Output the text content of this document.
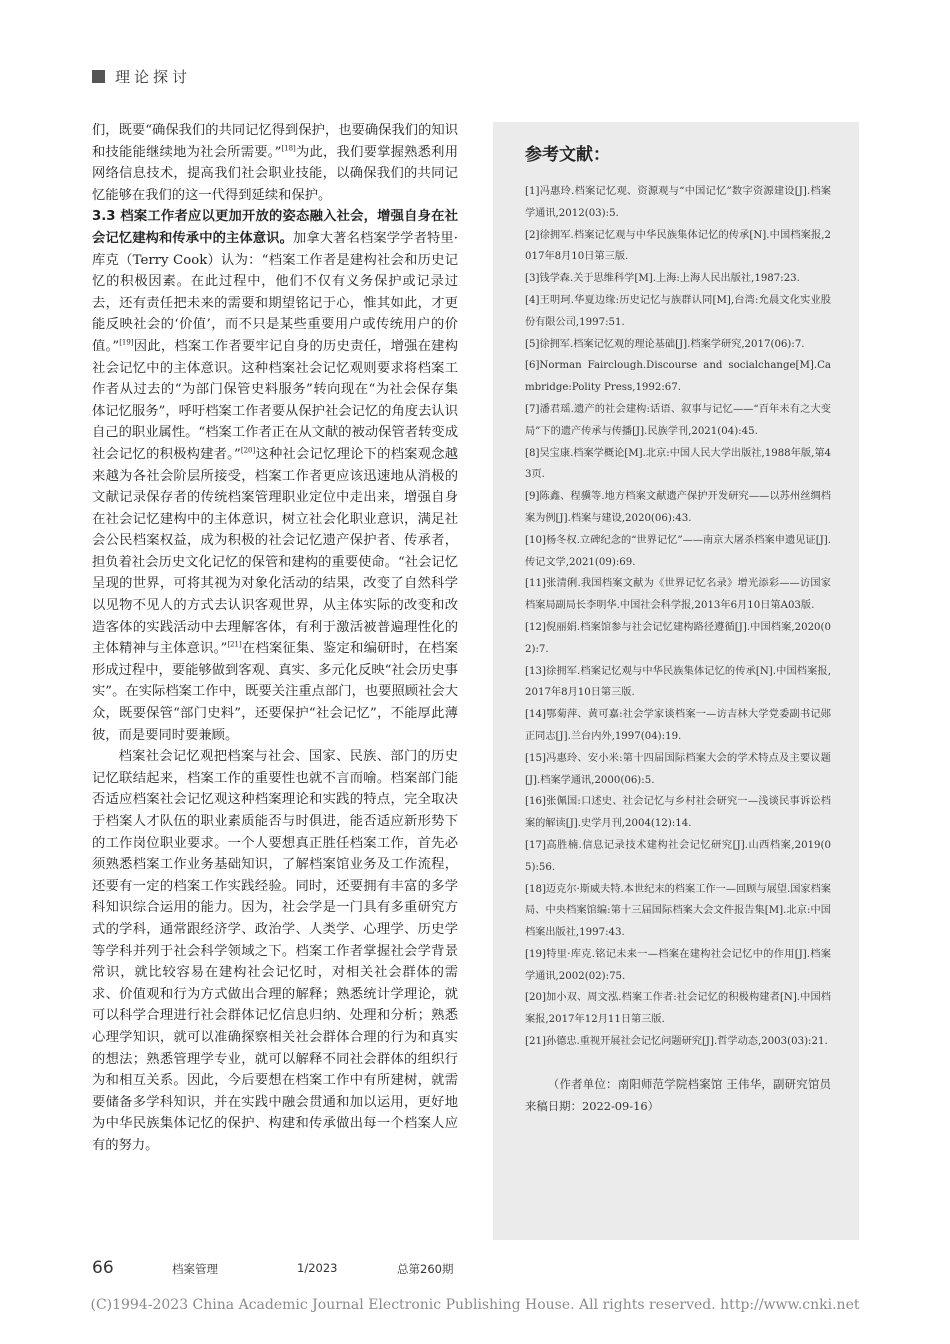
理论探讨

们，既要“确保我们的共同记忆得到保护，也要确保我们的知识和技能能继续地为社会所需要。”[18]为此，我们要掌握熟悉利用网络信息技术，提高我们社会职业技能，以确保我们的共同记忆能够在我们的这一代得到延续和保护。

3.3 档案工作者应以更加开放的姿态融入社会，增强自身在社会记忆建构和传承中的主体意识。加拿大著名档案学学者特里·库克（Terry Cook）认为：“档案工作者是建构社会和历史记忆的积极因素。在此过程中，他们不仅有义务保护或记录过去，还有责任把未来的需要和期望铭记于心，惟其如此，才更能反映社会的‘价值’，而不只是某些重要用户或传统用户的价值。”[19]因此，档案工作者要牢记自身的历史责任，增强在建构社会记忆中的主体意识。这种档案社会记忆观则要求将档案工作者从过去的“为部门保管史料服务”转向现在“为社会保存集体记忆服务”，呼吁档案工作者要从保护社会记忆的角度去认识自己的职业属性。“档案工作者正在从文献的被动保管者转变成社会记忆的积极构建者。”[20]这种社会记忆理论下的档案观念越来越为各社会阶层所接受，档案工作者更应该迅速地从消极的文献记录保存者的传统档案管理职业定位中走出来，增强自身在社会记忆建构中的主体意识，树立社会化职业意识，满足社会公民档案权益，成为积极的社会记忆遗产保护者、传承者，担负着社会历史文化记忆的保管和建构的重要使命。“社会记忆呈现的世界，可将其视为对象化活动的结果，改变了自然科学以见物不见人的方式去认识客观世界，从主体实际的改变和改造客体的实践活动中去理解客体，有利于激活被普遍理性化的主体精神与主体意识。”[21]在档案征集、鉴定和编研时，在档案形成过程中，要能够做到客观、真实、多元化反映“社会历史事实”。在实际档案工作中，既要关注重点部门，也要照顾社会大众，既要保管“部门史料”，还要保护“社会记忆”，不能厚此薄彼，而是要同时要兼顾。

档案社会记忆观把档案与社会、国家、民族、部门的历史记忆联结起来，档案工作的重要性也就不言而喻。档案部门能否适应档案社会记忆观这种档案理论和实践的特点，完全取决于档案人才队伍的职业素质能否与时俱进，能否适应新形势下的工作岗位职业要求。一个人要想真正胜任档案工作，首先必须熟悉档案工作业务基础知识，了解档案馆业务及工作流程，还要有一定的档案工作实践经验。同时，还要拥有丰富的多学科知识综合运用的能力。因为，社会学是一门具有多重研究方式的学科，通常跟经济学、政治学、人类学、心理学、历史学等学科并列于社会科学领域之下。档案工作者掌握社会学背景常识，就比较容易在建构社会记忆时，对相关社会群体的需求、价值观和行为方式做出合理的解释；熟悉统计学理论，就可以科学合理进行社会群体记忆信息归纳、处理和分析；熟悉心理学知识，就可以准确探察相关社会群体合理的行为和真实的想法；熟悉管理学专业，就可以解释不同社会群体的组织行为和相互关系。因此，今后要想在档案工作中有所建树，就需要储备多学科知识，并在实践中融会贯通和加以运用，更好地为中华民族集体记忆的保护、构建和传承做出每一个档案人应有的努力。

参考文献：
[1]冯惠玲.档案记忆观、资源观与“中国记忆”数字资源建设[J].档案学通讯,2012(03):5.
[2]徐拥军.档案记忆观与中华民族集体记忆的传承[N].中国档案报,2017年8月10日第三版.
[3]钱学森.关于思维科学[M].上海:上海人民出版社,1987:23.
[4]王明珂.华夏边缘:历史记忆与族群认同[M],台湾:允晨文化实业股份有限公司,1997:51.
[5]徐拥军.档案记忆观的理论基础[J].档案学研究,2017(06):7.
[6]Norman Fairclough.Discourse and socialchange[M].Cambridge:Polity Press,1992:67.
[7]潘君瑶.遗产的社会建构:话语、叙事与记忆——“百年未有之大变局”下的遗产传承与传播[J].民族学刊,2021(04):45.
[8]吴宝康.档案学概论[M].北京:中国人民大学出版社,1988年版,第43页.
[9]陈鑫、程骥等.地方档案文献遗产保护开发研究——以苏州丝绸档案为例[J].档案与建设,2020(06):43.
[10]杨冬权.立碑纪念的“世界记忆”——南京大屠杀档案申遗见证[J].传记文学,2021(09):69.
[11]张清俐.我国档案文献为《世界记忆名录》增光添彩——访国家档案局副局长李明华.中国社会科学报,2013年6月10日第A03版.
[12]倪丽娟.档案馆参与社会记忆建构路径遵循[J].中国档案,2020(02):7.
[13]徐拥军.档案记忆观与中华民族集体记忆的传承[N].中国档案报,2017年8月10日第三版.
[14]鄂菊萍、黄可嘉:社会学家谈档案一—访吉林大学党委副书记郧正同志[J].兰台内外,1997(04):19.
[15]冯惠玲、安小米:第十四届国际档案大会的学术特点及主要议题[J].档案学通讯,2000(06):5.
[16]张佩国:口述史、社会记忆与乡村社会研究一—浅谈民事诉讼档案的解读[J].史学月刊,2004(12):14.
[17]高胜楠.信息记录技术建构社会记忆研究[J].山西档案,2019(05):56.
[18]迈克尔·斯威夫特.本世纪末的档案工作一—回顾与展望.国家档案局、中央档案馆编:第十三届国际档案大会文件报告集[M].北京:中国档案出版社,1997:43.
[19]特里·库克.铭记未来一—档案在建构社会记忆中的作用[J].档案学通讯,2002(02):75.
[20]加小双、周文泓.档案工作者:社会记忆的积极构建者[N].中国档案报,2017年12月11日第三版.
[21]孙德忠.重视开展社会记忆问题研究[J].哲学动态,2003(03):21.
（作者单位：南阳师范学院档案馆 王伟华，副研究馆员 来稿日期：2022-09-16）
66	档案管理	1/2023	总第260期
(C)1994-2023 China Academic Journal Electronic Publishing House. All rights reserved. http://www.cnki.net
